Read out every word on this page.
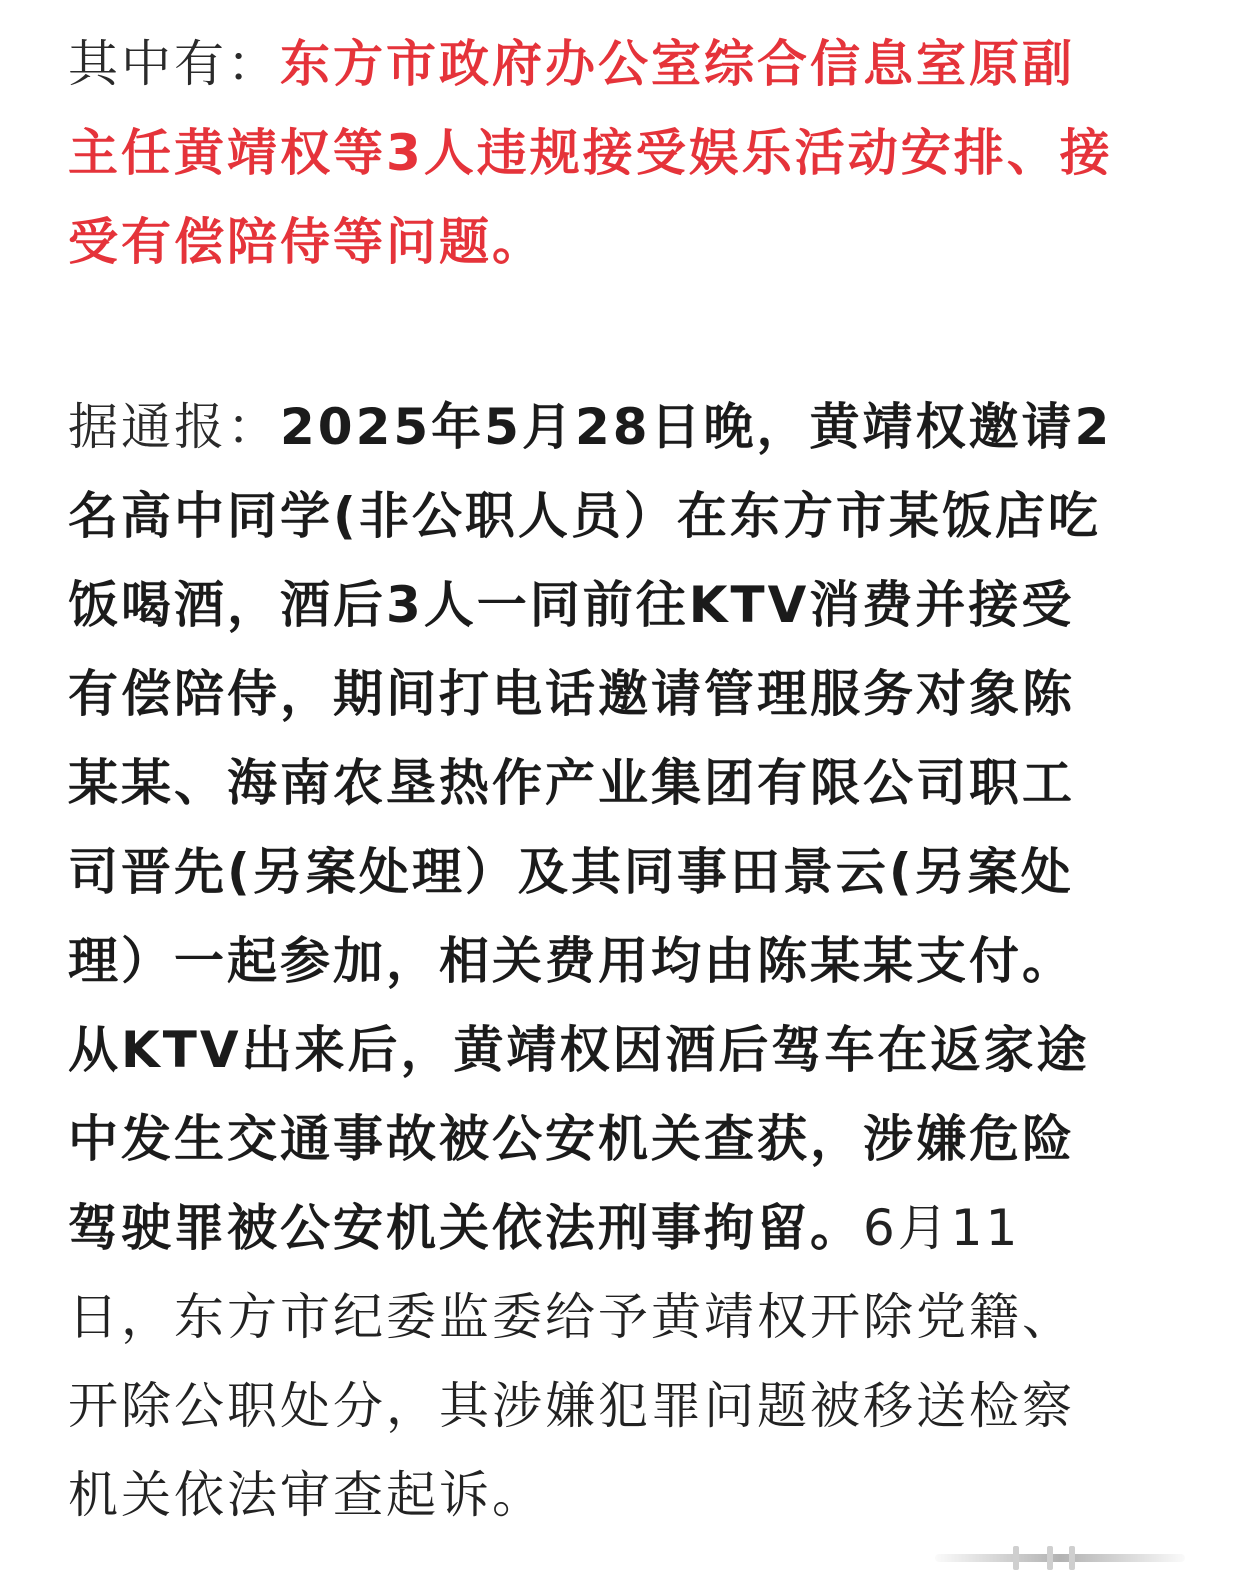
其中有：东方市政府办公室综合信息室原副
主任黄靖权等3人违规接受娱乐活动安排、接
受有偿陪侍等问题。
据通报：2025年5月28日晚，黄靖权邀请2
名高中同学(非公职人员）在东方市某饭店吃
饭喝酒，酒后3人一同前往KTV消费并接受
有偿陪侍，期间打电话邀请管理服务对象陈
某某、海南农垦热作产业集团有限公司职工
司晋先(另案处理）及其同事田景云(另案处
理）一起参加，相关费用均由陈某某支付。
从KTV出来后，黄靖权因酒后驾车在返家途
中发生交通事故被公安机关查获，涉嫌危险
驾驶罪被公安机关依法刑事拘留。6月11
日，东方市纪委监委给予黄靖权开除党籍、
开除公职处分，其涉嫌犯罪问题被移送检察
机关依法审查起诉。
